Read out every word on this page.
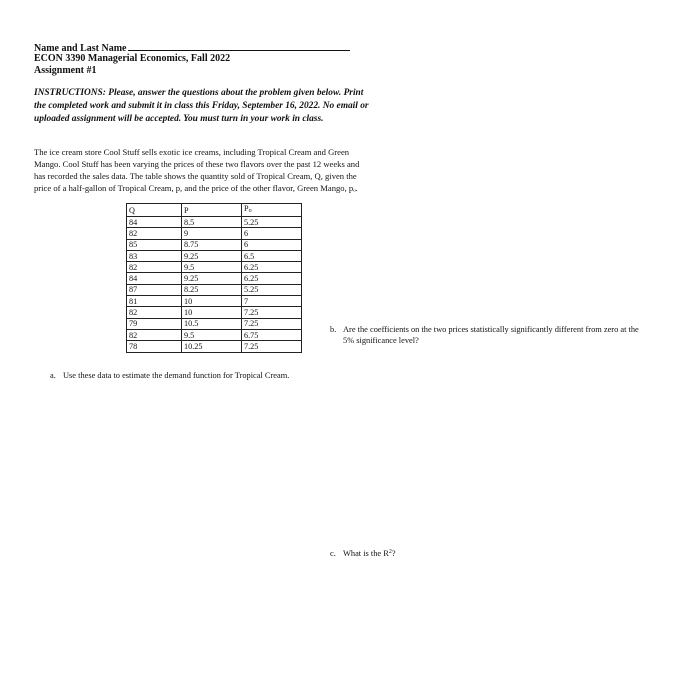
Name and Last Name
ECON 3390 Managerial Economics, Fall 2022
Assignment #1
INSTRUCTIONS: Please, answer the questions about the problem given below. Print the completed work and submit it in class this Friday, September 16, 2022. No email or uploaded assignment will be accepted. You must turn in your work in class.
The ice cream store Cool Stuff sells exotic ice creams, including Tropical Cream and Green Mango. Cool Stuff has been varying the prices of these two flavors over the past 12 weeks and has recorded the sales data. The table shows the quantity sold of Tropical Cream, Q, given the price of a half-gallon of Tropical Cream, p, and the price of the other flavor, Green Mango, pₒ.
Q	P	$P_o$
84	8.5	5.25
82	9	6
85	8.75	6
83	9.25	6.5
82	9.5	6.25
84	9.25	6.25
87	8.25	5.25
81	10	7
82	10	7.25
79	10.5	7.25
82	9.5	6.75
78	10.25	7.25
a. Use these data to estimate the demand function for Tropical Cream.
b. Are the coefficients on the two prices statistically significantly different from zero at the
5% significance level?
c. What is the $R^2$?
